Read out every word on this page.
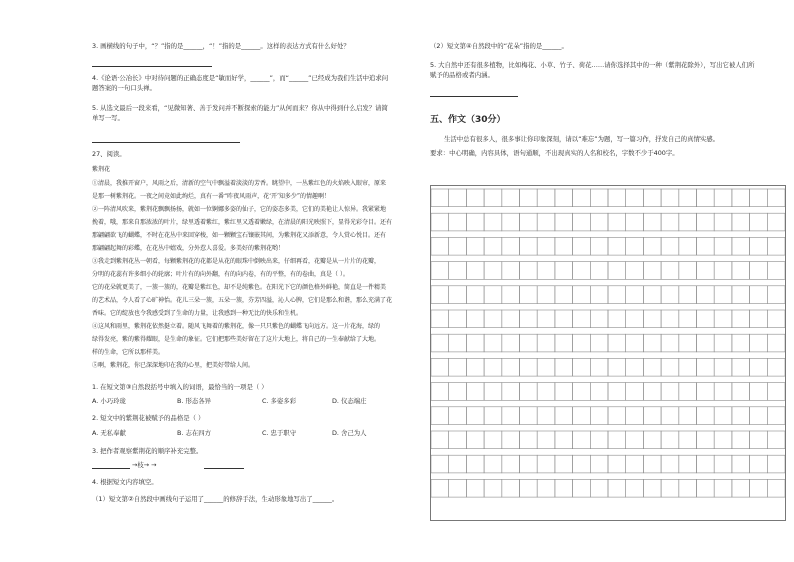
3. 画横线的句子中，“？”指的是______，“！”指的是______。这样的表达方式有什么好处？
4.《论语·公冶长》中对待问题的正确态度是“敏而好学，______”，而“______”已经成为我们生活中追求问题答案的一句口头禅。
5. 从选文最后一段来看，“见微知著、善于发问并不断探索的能力”从何而来？你从中得到什么启发？请简单写一写。
27、阅读。
紫荆花
①清晨，我推开窗户，风雨之后，清新的空气中飘溢着淡淡的芳香。眺望中，一丛紫红色的火焰映入眼帘，原来
是那一树紫荆花。一夜之间竟如此绚烂，真有一番“昨夜风雨声，花‘开’知多少”的情趣啊！
②一阵清风吹来，紫荆花飘飘扬扬，就如一位婀娜多姿的仙子，它的姿态多美，它们的美艳让人惊异。我紧紧地
挽着，哦，那来自那浓浓的叶片，绿里透着紫红，紫红里又透着嫩绿，在清晨的阳光映照下，显得光彩夺目。还有
那翩翩欲飞的蝴蝶，不时在花丛中来回穿梭，如一颗颗宝石镶嵌其间，为紫荆花又添新意，令人赏心悦目。还有
那翩翩起舞的彩蝶，在花丛中嬉戏，分外惹人喜爱。多美好的紫荆花哟！
③我走到紫荆花丛一朝看，每颗紫荆花的花都是从花的眼珠中倒映出来，仔细再看，花瓣是从一片片的花瓣，
分明的花蕊有许多细小的轮廓；叶片有的向外翻，有的向内卷，有的平整，有的卷曲，真是（ ）。
它的花朵就更美了，一簇一簇的，花瓣是紫红色，却不是纯紫色。在阳光下它的颜色格外鲜艳，简直是一件精美
的艺术品，令人看了心旷神怡。花儿三朵一簇，五朵一簇，芬芳四溢，沁人心脾，它们是那么和谐，那么充满了花
香味。它的绽放也令我感受到了生命的力量，让我感到一种无比的快乐和生机。
④这风和雨里，紫荆花依然挺立着。随风飞舞着的紫荆花，像一只只紫色的蝴蝶飞向远方。这一片花海，绿的
绿得发亮，紫的紫得耀眼，是生命的象征。它们把那些美好留在了这片大地上，将自己的一生奉献给了大地。
样的生命，它所以那样美。
⑤啊，紫荆花，你已深深地印在我的心里，把美好带给人间。
1. 在短文第③自然段括号中填入的词语，最恰当的一项是（ ）
A. 小巧玲珑	B. 形态各异	C. 多姿多彩	D. 仪态端庄
2. 短文中的紫荆花被赋予的品格是（ ）
A. 无私奉献	B. 志在四方	C. 忠于职守	D. 舍己为人
3. 把作者观察紫荆花的顺序补充完整。
→枝→ →
4. 根据短文内容填空。
（1）短文第②自然段中画线句子运用了______的修辞手法，生动形象地写出了______。
（2）短文第④自然段中的“花朵”指的是______。
5. 大自然中还有很多植物，比如梅花、小草、竹子、荷花……请你选择其中的一种（紫荆花除外），写出它被人们所赋予的品格或者内涵。
五、作文（30分）
生活中总有很多人，很多事让你印象深刻，请以“难忘”为题，写一篇习作，抒发自己的真情实感。
要求：中心明确，内容具体，语句通顺，不出现真实的人名和校名，字数不少于400字。
